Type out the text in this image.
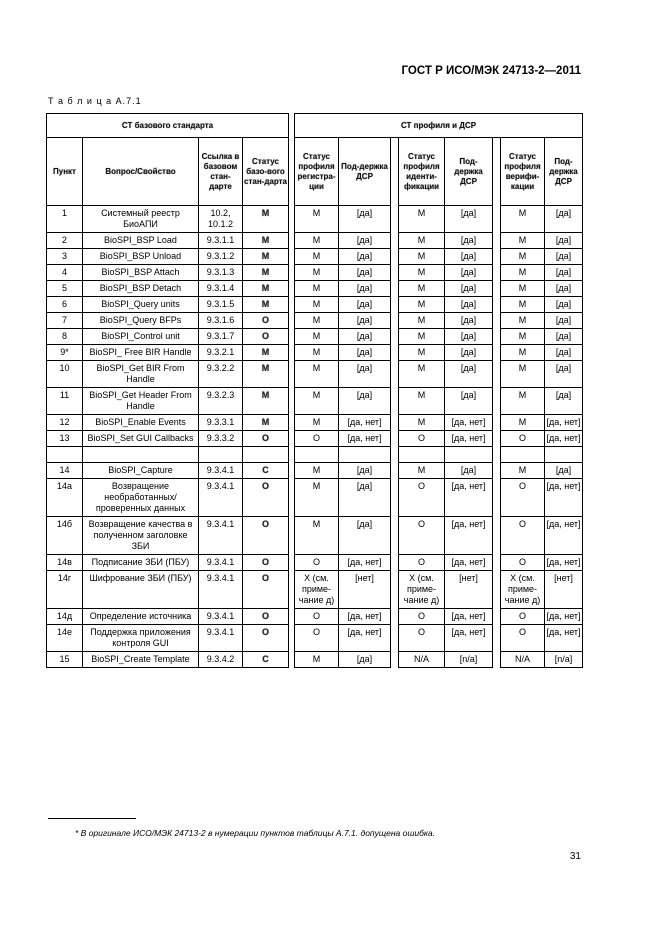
ГОСТ Р ИСО/МЭК 24713-2—2011
Т а б л и ц а А.7.1
СТ базового стандарта					СТ профиля и ДСР							
Пункт	Вопрос/Свойство	Ссылка в базовом стан-дарте	Статус базо-вого стан-дарта		Статус профиля регистра-ции	Под-держка ДСР		Статус профиля иденти-фикации	Под-держка ДСР		Статус профиля верифи-кации	Под-держка ДСР
1	Системный реестр БиоАПИ	10.2, 10.1.2	M		M	[да]		M	[да]		M	[да]
2	BioSPI_BSP Load	9.3.1.1	M		M	[да]		M	[да]		M	[да]
3	BioSPI_BSP Unload	9.3.1.2	M		M	[да]		M	[да]		M	[да]
4	BioSPI_BSP Attach	9.3.1.3	M		M	[да]		M	[да]		M	[да]
5	BioSPI_BSP Detach	9.3.1.4	M		M	[да]		M	[да]		M	[да]
6	BioSPI_Query units	9.3.1.5	M		M	[да]		M	[да]		M	[да]
7	BioSPI_Query BFPs	9.3.1.6	O		M	[да]		M	[да]		M	[да]
8	BioSPI_Control unit	9.3.1.7	O		M	[да]		M	[да]		M	[да]
9*	BioSPI_ Free BIR Handle	9.3.2.1	M		M	[да]		M	[да]		M	[да]
10	BioSPI_Get BIR From Handle	9.3.2.2	M		M	[да]		M	[да]		M	[да]
11	BioSPI_Get Header From Handle	9.3.2.3	M		M	[да]		M	[да]		M	[да]
12	BioSPI_Enable Events	9.3.3.1	M		M	[да, нет]		M	[да, нет]		M	[да, нет]
13	BioSPI_Set GUI Callbacks	9.3.3.2	O		O	[да, нет]		O	[да, нет]		O	[да, нет]

14	BioSPI_Capture	9.3.4.1	C		M	[да]		M	[да]		M	[да]
14a	Возвращение необработанных/ проверенных данных	9.3.4.1	O		M	[да]		O	[да, нет]		O	[да, нет]
14б	Возвращение качества в полученном заголовке ЗБИ	9.3.4.1	O		M	[да]		O	[да, нет]		O	[да, нет]
14в	Подписание ЗБИ (ПБУ)	9.3.4.1	O		O	[да, нет]		O	[да, нет]		O	[да, нет]
14г	Шифрование ЗБИ (ПБУ)	9.3.4.1	O		X (см. приме-чание д)	[нет]		X (см. приме-чание д)	[нет]		X (см. приме-чание д)	[нет]
14д	Определение источника	9.3.4.1	O		O	[да, нет]		O	[да, нет]		O	[да, нет]
14е	Поддержка приложения контроля GUI	9.3.4.1	O		O	[да, нет]		O	[да, нет]		O	[да, нет]
15	BioSPI_Create Template	9.3.4.2	C		M	[да]		N/A	[n/a]		N/A	[n/a]
* В оригинале ИСО/МЭК 24713-2 в нумерации пунктов таблицы А.7.1. допущена ошибка.
31
